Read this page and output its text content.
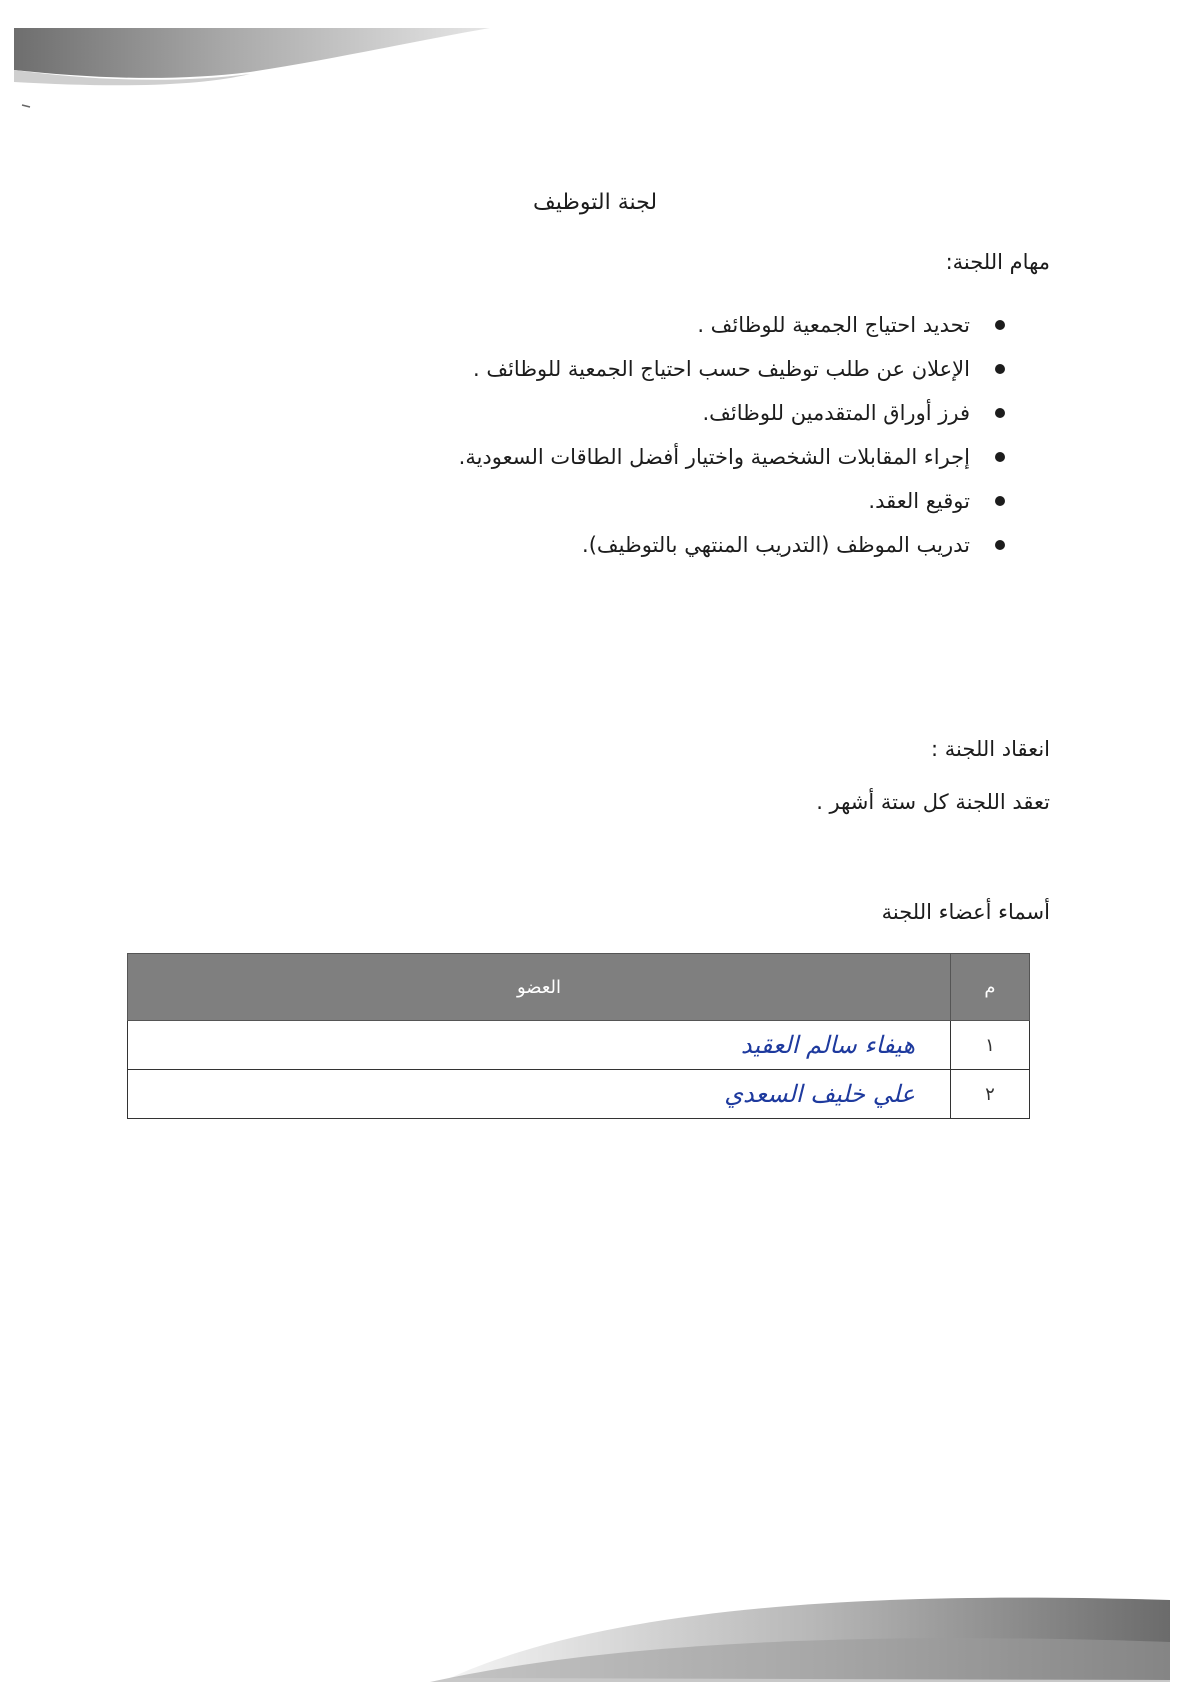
لجنة التوظيف
مهام اللجنة:
تحديد احتياج الجمعية للوظائف .
الإعلان عن طلب توظيف حسب احتياج الجمعية للوظائف .
فرز أوراق المتقدمين للوظائف.
إجراء المقابلات الشخصية واختيار أفضل الطاقات السعودية.
توقيع العقد.
تدريب الموظف (التدريب المنتهي بالتوظيف).
انعقاد اللجنة :
تعقد اللجنة كل ستة أشهر .
أسماء أعضاء اللجنة
م	العضو
١	هيفاء سالم العقيد
٢	علي خليف السعدي
